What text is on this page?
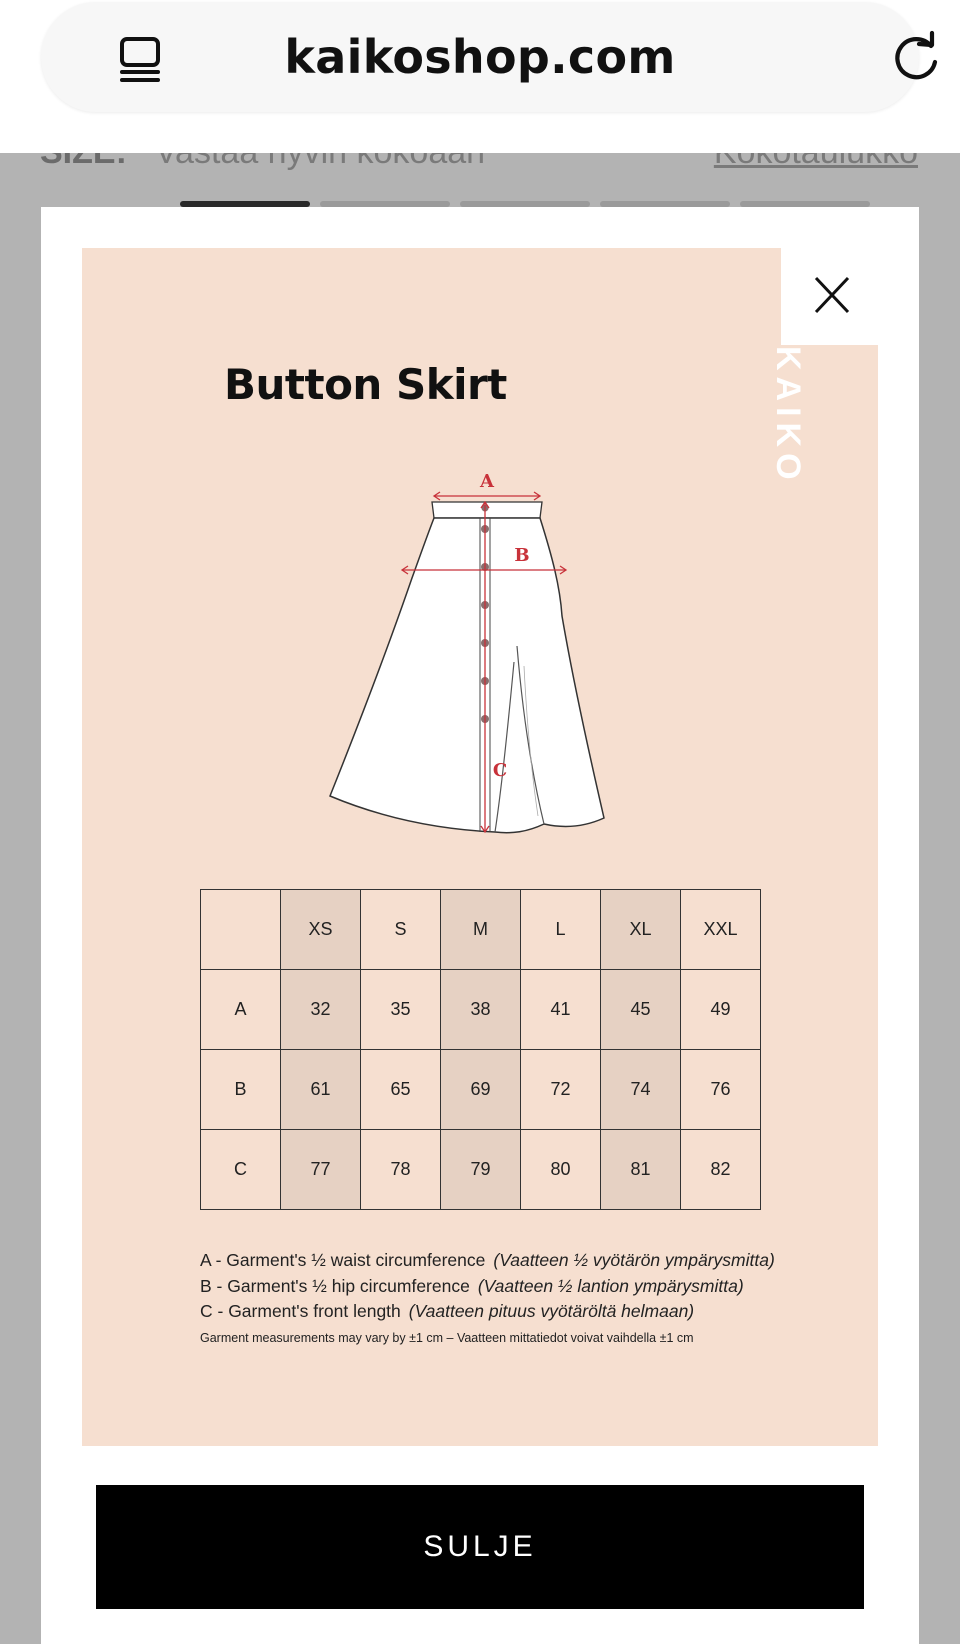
kaikoshop.com
Button Skirt	KAIKO
A
B
C
	XS	S	M	L	XL	XXL
A	32	35	38	41	45	49
B	61	65	69	72	74	76
C	77	78	79	80	81	82
A - Garment's ½ waist circumference (Vaatteen ½ vyötärön ympärysmitta)
B - Garment's ½ hip circumference (Vaatteen ½ lantion ympärysmitta)
C - Garment's front length (Vaatteen pituus vyötäröltä helmaan)
Garment measurements may vary by ±1 cm – Vaatteen mittatiedot voivat vaihdella ±1 cm
SULJE
